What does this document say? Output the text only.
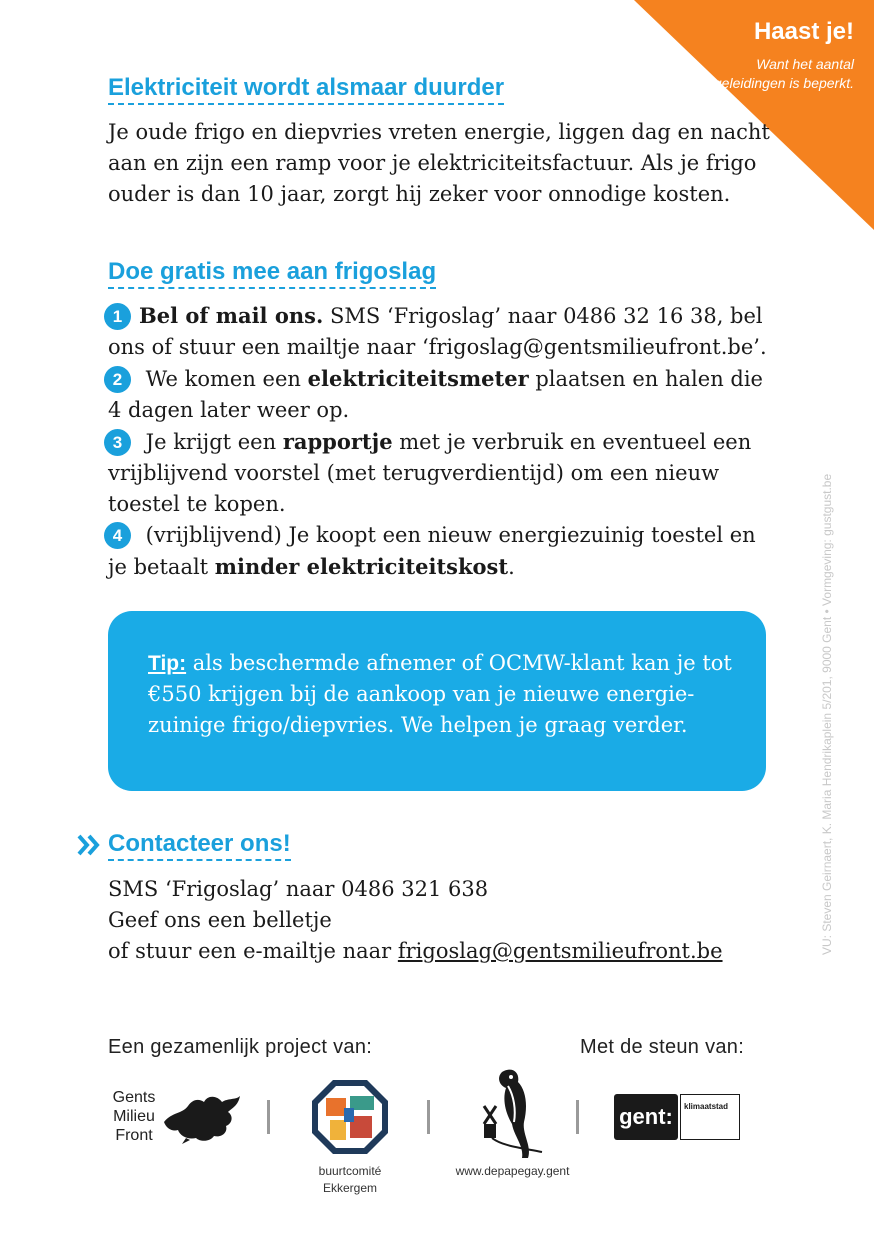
Haast je!
Want het aantal begeleidingen is beperkt.
Elektriciteit wordt alsmaar duurder

Je oude frigo en diepvries vreten energie, liggen dag en nacht aan en zijn een ramp voor je elektriciteitsfactuur. Als je frigo ouder is dan 10 jaar, zorgt hij zeker voor onnodige kosten.

Doe gratis mee aan frigoslag
1 Bel of mail ons. SMS ‘Frigoslag’ naar 0486 32 16 38, bel ons of stuur een mailtje naar ‘frigoslag@gentsmilieufront.be’.
2 We komen een elektriciteitsmeter plaatsen en halen die 4 dagen later weer op.
3 Je krijgt een rapportje met je verbruik en eventueel een vrijblijvend voorstel (met terugverdientijd) om een nieuw toestel te kopen.
4 (vrijblijvend) Je koopt een nieuw energiezuinig toestel en je betaalt minder elektriciteitskost.

Tip: als beschermde afnemer of OCMW-klant kan je tot €550 krijgen bij de aankoop van je nieuwe energie-zuinige frigo/diepvries. We helpen je graag verder.

Contacteer ons!
SMS ‘Frigoslag’ naar 0486 321 638
Geef ons een belletje
of stuur een e-mailtje naar frigoslag@gentsmilieufront.be	VU: Steven Geirnaert, K. Maria Hendrikaplein 5/201, 9000 Gent • Vormgeving: gustgust.be
Een gezamenlijk project van:	Met de steun van:
Gents
Milieu
Front
buurtcomité
Ekkergem
www.depapegay.gent
gent:	klimaatstad
